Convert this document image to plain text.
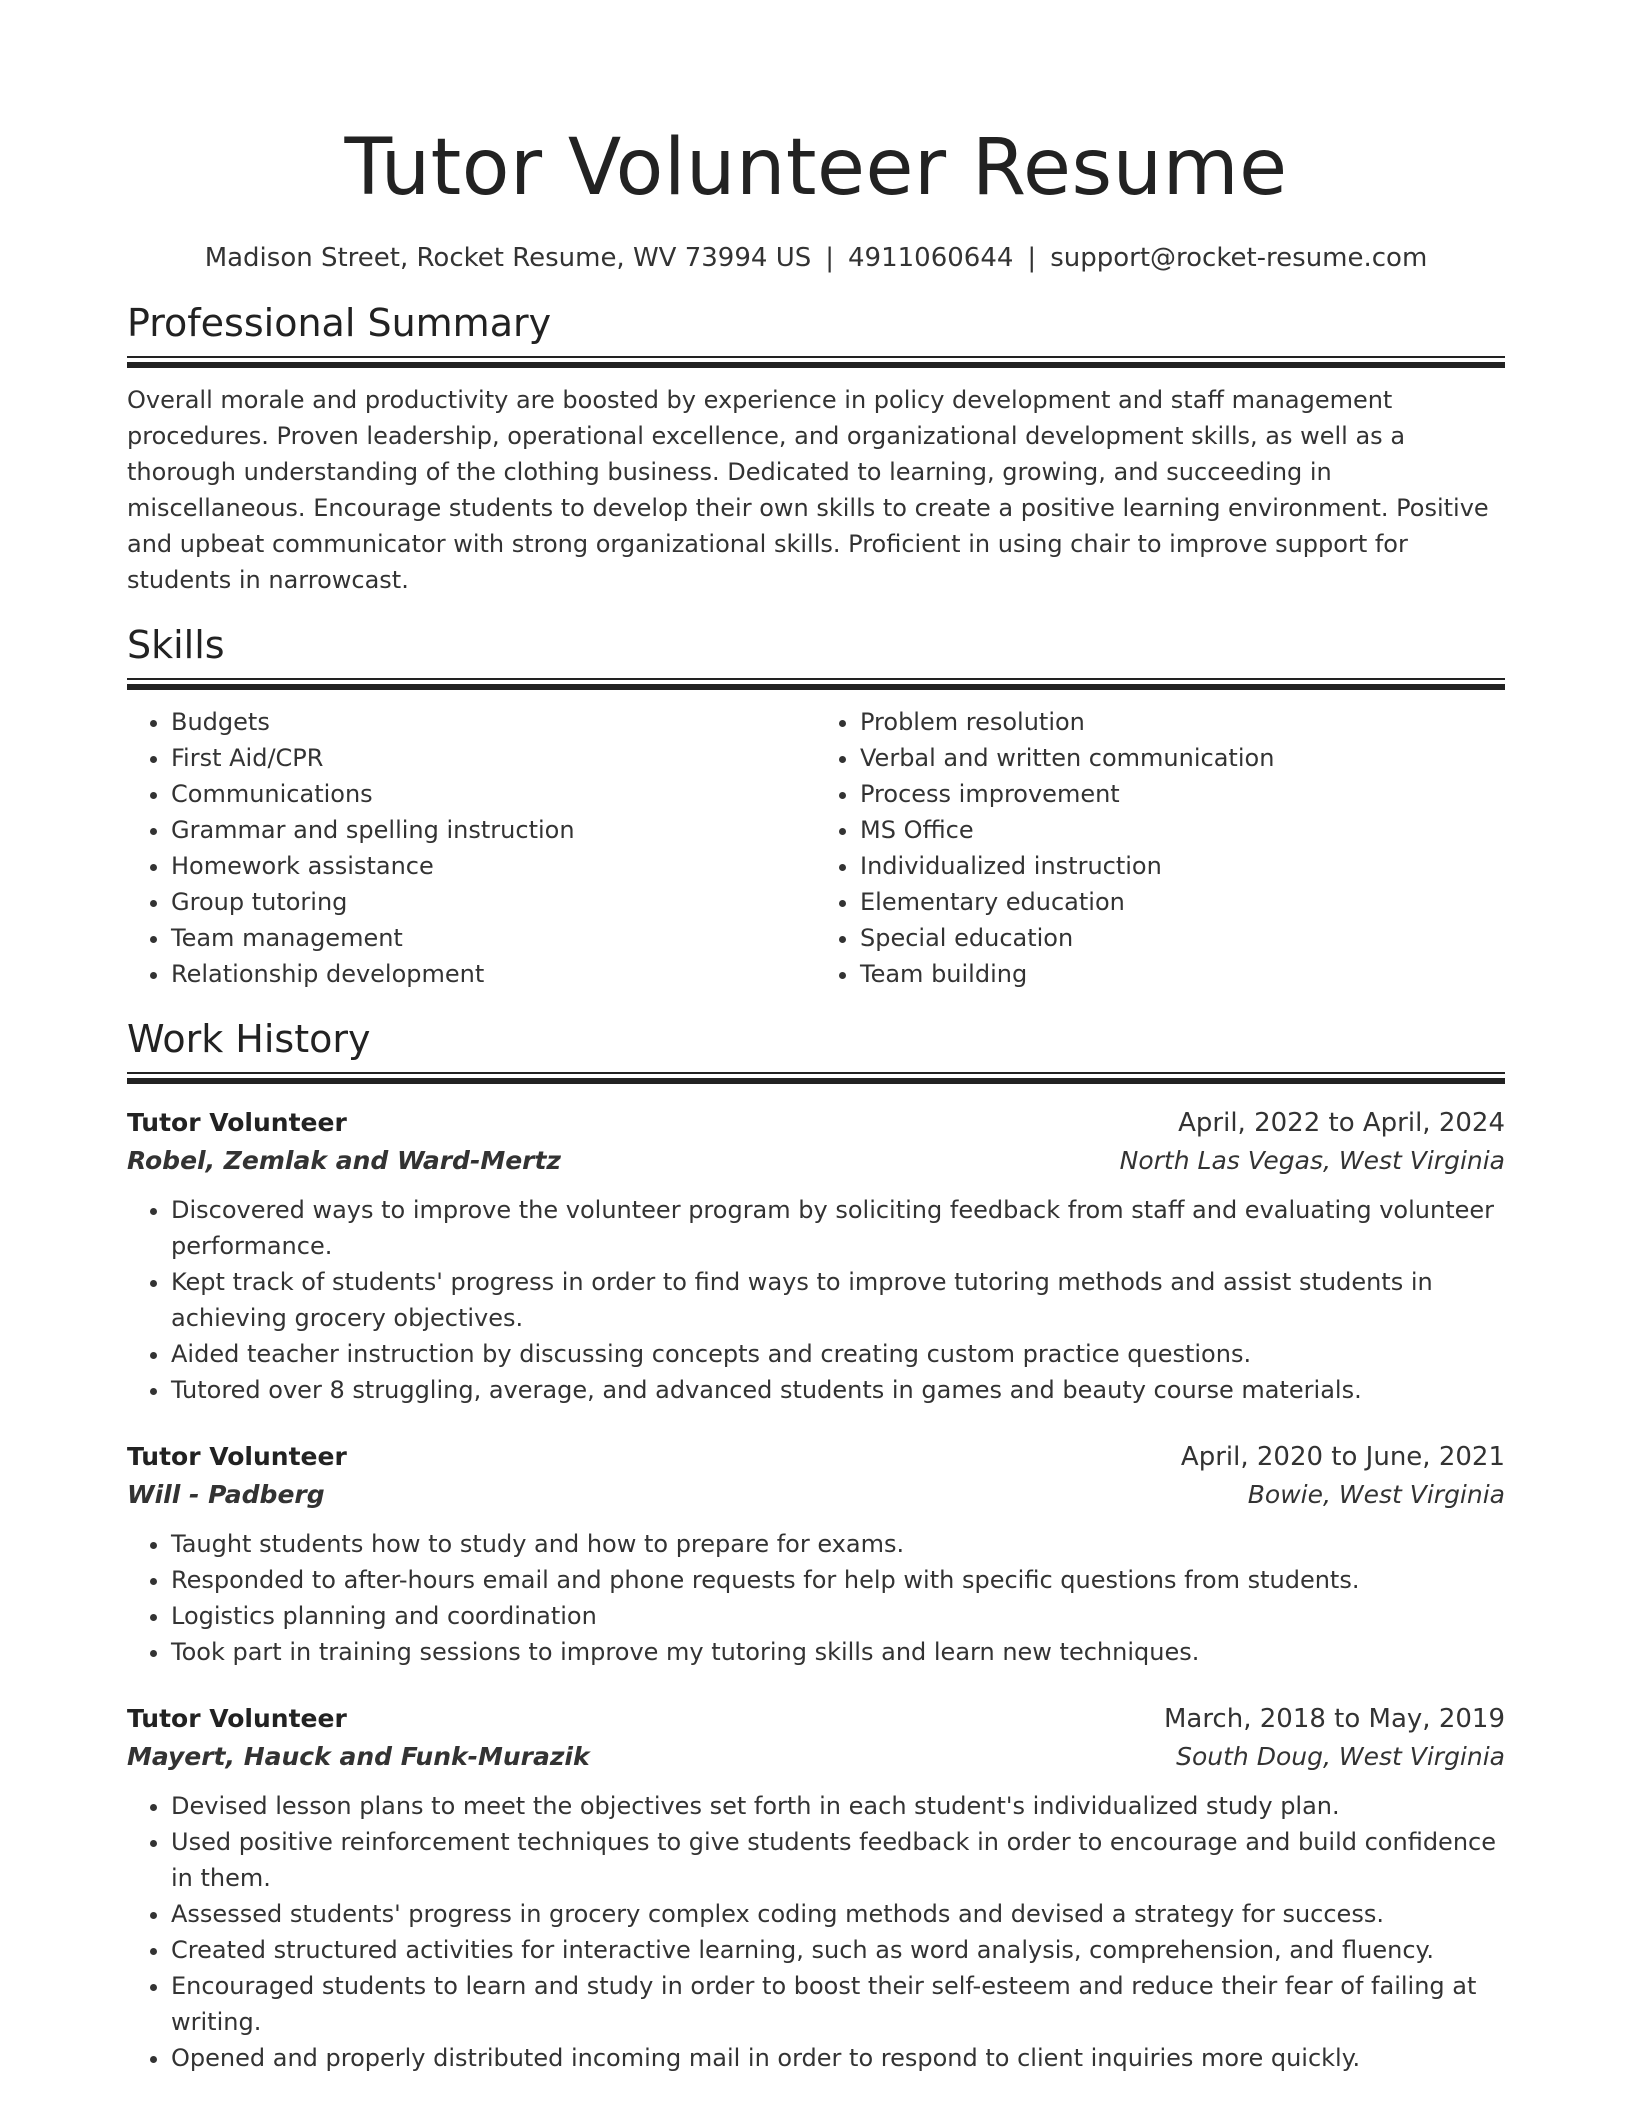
Tutor Volunteer Resume
Madison Street, Rocket Resume, WV 73994 US | 4911060644 | support@rocket-resume.com
Professional Summary

Overall morale and productivity are boosted by experience in policy development and staff management procedures. Proven leadership, operational excellence, and organizational development skills, as well as a thorough understanding of the clothing business. Dedicated to learning, growing, and succeeding in miscellaneous. Encourage students to develop their own skills to create a positive learning environment. Positive and upbeat communicator with strong organizational skills. Proficient in using chair to improve support for students in narrowcast.

Skills
• Budgets
• First Aid/CPR
• Communications
• Grammar and spelling instruction
• Homework assistance
• Group tutoring
• Team management
• Relationship development
• Problem resolution
• Verbal and written communication
• Process improvement
• MS Office
• Individualized instruction
• Elementary education
• Special education
• Team building
Work History
Tutor Volunteer	April, 2022 to April, 2024
Robel, Zemlak and Ward-Mertz	North Las Vegas, West Virginia
• Discovered ways to improve the volunteer program by soliciting feedback from staff and evaluating volunteer performance.
• Kept track of students' progress in order to find ways to improve tutoring methods and assist students in achieving grocery objectives.
• Aided teacher instruction by discussing concepts and creating custom practice questions.
• Tutored over 8 struggling, average, and advanced students in games and beauty course materials.
Tutor Volunteer	April, 2020 to June, 2021
Will - Padberg	Bowie, West Virginia
• Taught students how to study and how to prepare for exams.
• Responded to after-hours email and phone requests for help with specific questions from students.
• Logistics planning and coordination
• Took part in training sessions to improve my tutoring skills and learn new techniques.
Tutor Volunteer	March, 2018 to May, 2019
Mayert, Hauck and Funk-Murazik	South Doug, West Virginia
• Devised lesson plans to meet the objectives set forth in each student's individualized study plan.
• Used positive reinforcement techniques to give students feedback in order to encourage and build confidence in them.
• Assessed students' progress in grocery complex coding methods and devised a strategy for success.
• Created structured activities for interactive learning, such as word analysis, comprehension, and fluency.
• Encouraged students to learn and study in order to boost their self-esteem and reduce their fear of failing at writing.
• Opened and properly distributed incoming mail in order to respond to client inquiries more quickly.
